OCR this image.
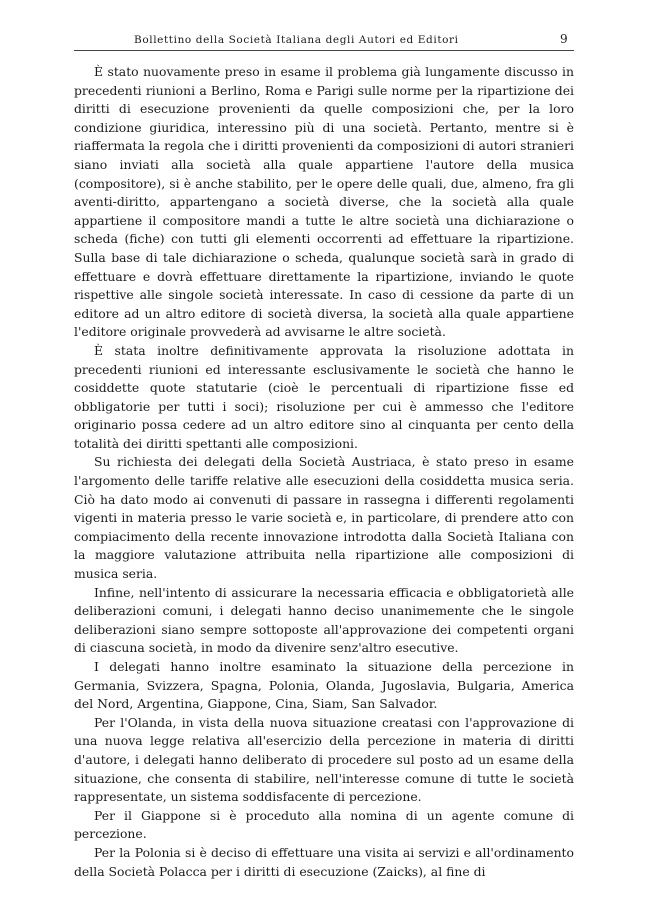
Bollettino della Società Italiana degli Autori ed Editori	9

È stato nuovamente preso in esame il problema già lungamente discusso in precedenti riunioni a Berlino, Roma e Parigi sulle norme per la ripartizione dei diritti di esecuzione provenienti da quelle composizioni che, per la loro condizione giuridica, interessino più di una società. Pertanto, mentre si è riaffermata la regola che i diritti provenienti da composizioni di autori stranieri siano inviati alla società alla quale appartiene l'autore della musica (compositore), si è anche stabilito, per le opere delle quali, due, almeno, fra gli aventi-diritto, appartengano a società diverse, che la società alla quale appartiene il compositore mandi a tutte le altre società una dichiarazione o scheda (fiche) con tutti gli elementi occorrenti ad effettuare la ripartizione. Sulla base di tale dichiarazione o scheda, qualunque società sarà in grado di effettuare e dovrà effettuare direttamente la ripartizione, inviando le quote rispettive alle singole società interessate. In caso di cessione da parte di un editore ad un altro editore di società diversa, la società alla quale appartiene l'editore originale provvederà ad avvisarne le altre società.

È stata inoltre definitivamente approvata la risoluzione adottata in precedenti riunioni ed interessante esclusivamente le società che hanno le cosiddette quote statutarie (cioè le percentuali di ripartizione fisse ed obbligatorie per tutti i soci); risoluzione per cui è ammesso che l'editore originario possa cedere ad un altro editore sino al cinquanta per cento della totalità dei diritti spettanti alle composizioni.

Su richiesta dei delegati della Società Austriaca, è stato preso in esame l'argomento delle tariffe relative alle esecuzioni della cosiddetta musica seria. Ciò ha dato modo ai convenuti di passare in rassegna i differenti regolamenti vigenti in materia presso le varie società e, in particolare, di prendere atto con compiacimento della recente innovazione introdotta dalla Società Italiana con la maggiore valutazione attribuita nella ripartizione alle composizioni di musica seria.

Infine, nell'intento di assicurare la necessaria efficacia e obbligatorietà alle deliberazioni comuni, i delegati hanno deciso unanimemente che le singole deliberazioni siano sempre sottoposte all'approvazione dei competenti organi di ciascuna società, in modo da divenire senz'altro esecutive.

I delegati hanno inoltre esaminato la situazione della percezione in Germania, Svizzera, Spagna, Polonia, Olanda, Jugoslavia, Bulgaria, America del Nord, Argentina, Giappone, Cina, Siam, San Salvador.

Per l'Olanda, in vista della nuova situazione creatasi con l'approvazione di una nuova legge relativa all'esercizio della percezione in materia di diritti d'autore, i delegati hanno deliberato di procedere sul posto ad un esame della situazione, che consenta di stabilire, nell'interesse comune di tutte le società rappresentate, un sistema soddisfacente di percezione.

Per il Giappone si è proceduto alla nomina di un agente comune di percezione.

Per la Polonia si è deciso di effettuare una visita ai servizi e all'ordinamento della Società Polacca per i diritti di esecuzione (Zaicks), al fine di
